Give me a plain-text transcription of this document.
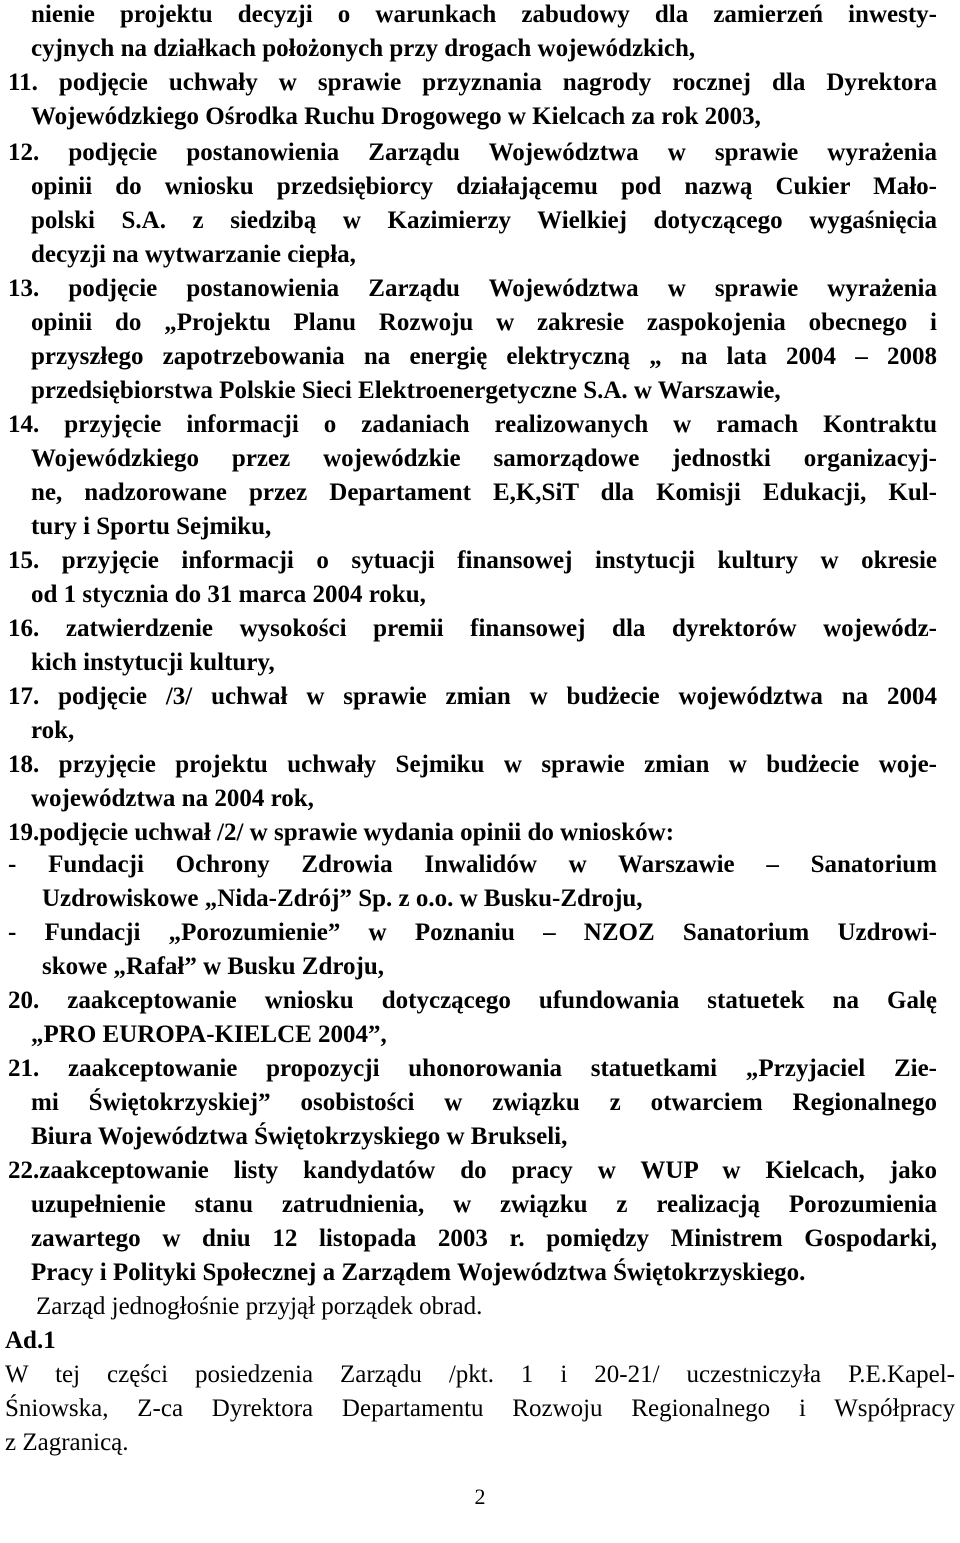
nienie projektu decyzji o warunkach zabudowy dla zamierzeń inwesty-
cyjnych na działkach położonych przy drogach wojewódzkich,
11. podjęcie uchwały w sprawie przyznania nagrody rocznej dla Dyrektora
Wojewódzkiego Ośrodka Ruchu Drogowego w Kielcach za rok 2003,
12. podjęcie postanowienia Zarządu Województwa w sprawie wyrażenia
opinii do wniosku przedsiębiorcy działającemu pod nazwą Cukier Mało-
polski S.A. z siedzibą w Kazimierzy Wielkiej dotyczącego wygaśnięcia
decyzji na wytwarzanie ciepła,
13. podjęcie postanowienia Zarządu Województwa w sprawie wyrażenia
opinii do „Projektu Planu Rozwoju w zakresie zaspokojenia obecnego i
przyszłego zapotrzebowania na energię elektryczną „ na lata 2004 – 2008
przedsiębiorstwa Polskie Sieci Elektroenergetyczne S.A. w Warszawie,
14. przyjęcie informacji o zadaniach realizowanych w ramach Kontraktu
Wojewódzkiego przez wojewódzkie samorządowe jednostki organizacyj-
ne, nadzorowane przez Departament E,K,SiT dla Komisji Edukacji, Kul-
tury i Sportu Sejmiku,
15. przyjęcie informacji o sytuacji finansowej instytucji kultury w okresie
od 1 stycznia do 31 marca 2004 roku,
16. zatwierdzenie wysokości premii finansowej dla dyrektorów wojewódz-
kich instytucji kultury,
17. podjęcie /3/ uchwał w sprawie zmian w budżecie województwa na 2004
rok,
18. przyjęcie projektu uchwały Sejmiku w sprawie zmian w budżecie woje-
województwa na 2004 rok,
19.podjęcie uchwał /2/ w sprawie wydania opinii do wniosków:
- Fundacji Ochrony Zdrowia Inwalidów w Warszawie – Sanatorium
Uzdrowiskowe „Nida-Zdrój” Sp. z o.o. w Busku-Zdroju,
- Fundacji „Porozumienie” w Poznaniu – NZOZ Sanatorium Uzdrowi-
skowe „Rafał” w Busku Zdroju,
20. zaakceptowanie wniosku dotyczącego ufundowania statuetek na Galę
„PRO EUROPA-KIELCE 2004”,
21. zaakceptowanie propozycji uhonorowania statuetkami „Przyjaciel Zie-
mi Świętokrzyskiej” osobistości w związku z otwarciem Regionalnego
Biura Województwa Świętokrzyskiego w Brukseli,
22.zaakceptowanie listy kandydatów do pracy w WUP w Kielcach, jako
uzupełnienie stanu zatrudnienia, w związku z realizacją Porozumienia
zawartego w dniu 12 listopada 2003 r. pomiędzy Ministrem Gospodarki,
Pracy i Polityki Społecznej a Zarządem Województwa Świętokrzyskiego.
Zarząd jednogłośnie przyjął porządek obrad.
Ad.1
W tej części posiedzenia Zarządu /pkt. 1 i 20-21/ uczestniczyła P.E.Kapel-
Śniowska, Z-ca Dyrektora Departamentu Rozwoju Regionalnego i Współpracy
z Zagranicą.
2
